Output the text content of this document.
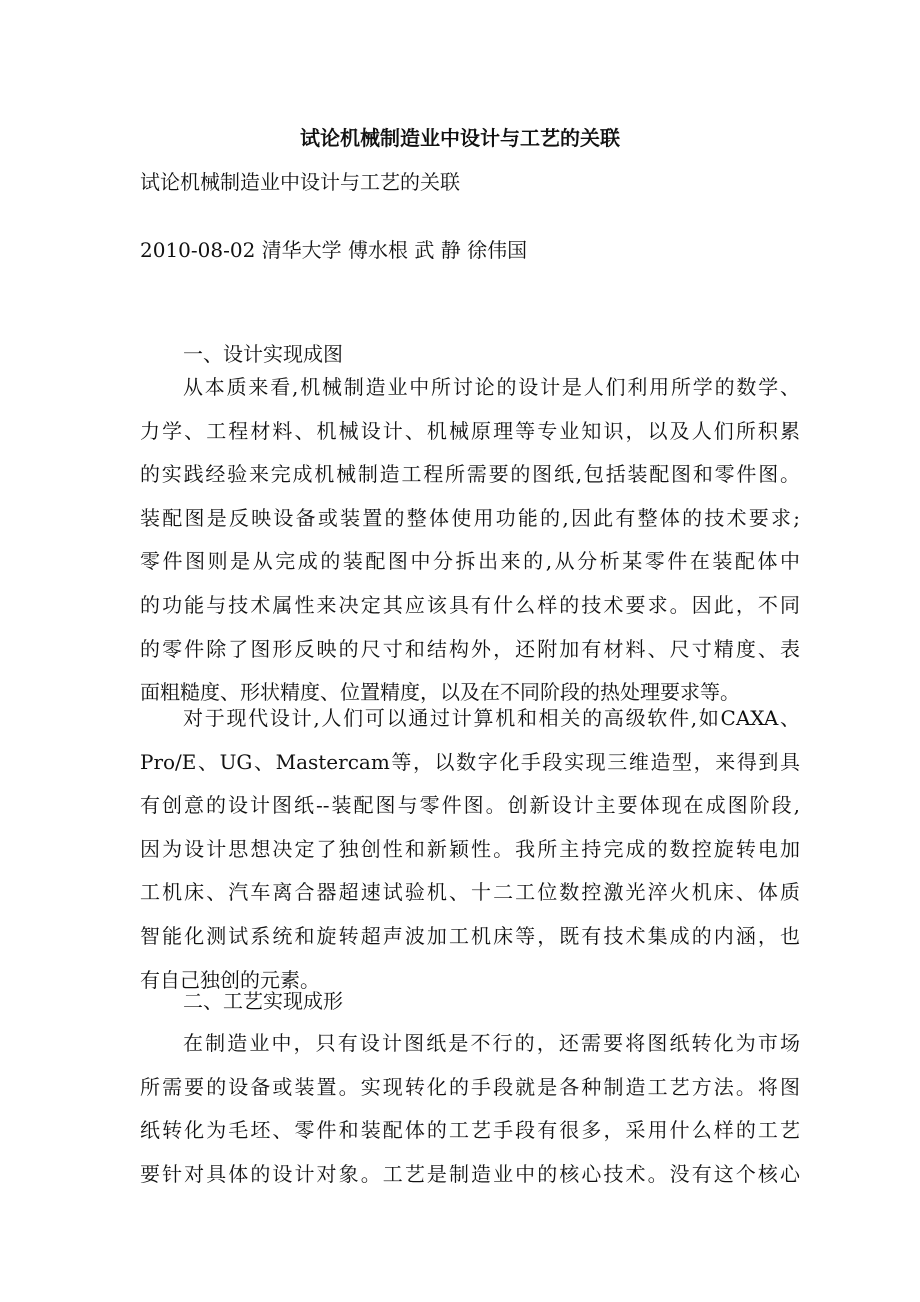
试论机械制造业中设计与工艺的关联
试论机械制造业中设计与工艺的关联
2010-08-02 清华大学 傅水根 武 静 徐伟国
一、设计实现成图
从本质来看,机械制造业中所讨论的设计是人们利用所学的数学、
力学、工程材料、机械设计、机械原理等专业知识，以及人们所积累
的实践经验来完成机械制造工程所需要的图纸,包括装配图和零件图。
装配图是反映设备或装置的整体使用功能的,因此有整体的技术要求;
零件图则是从完成的装配图中分拆出来的,从分析某零件在装配体中
的功能与技术属性来决定其应该具有什么样的技术要求。因此，不同
的零件除了图形反映的尺寸和结构外，还附加有材料、尺寸精度、表
面粗糙度、形状精度、位置精度，以及在不同阶段的热处理要求等。
对于现代设计,人们可以通过计算机和相关的高级软件,如CAXA、
Pro/E、UG、Mastercam等，以数字化手段实现三维造型，来得到具
有创意的设计图纸--装配图与零件图。创新设计主要体现在成图阶段,
因为设计思想决定了独创性和新颖性。我所主持完成的数控旋转电加
工机床、汽车离合器超速试验机、十二工位数控激光淬火机床、体质
智能化测试系统和旋转超声波加工机床等，既有技术集成的内涵，也
有自己独创的元素。
二、工艺实现成形
在制造业中，只有设计图纸是不行的，还需要将图纸转化为市场
所需要的设备或装置。实现转化的手段就是各种制造工艺方法。将图
纸转化为毛坯、零件和装配体的工艺手段有很多，采用什么样的工艺
要针对具体的设计对象。工艺是制造业中的核心技术。没有这个核心
